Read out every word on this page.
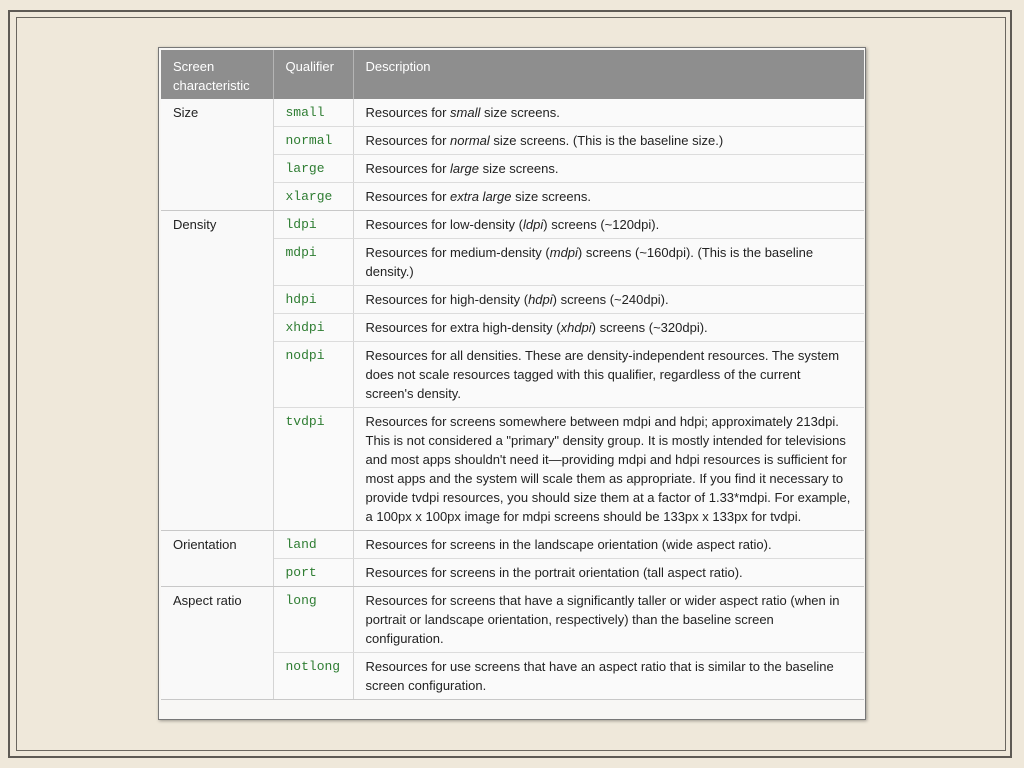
Screen characteristic	Qualifier	Description
Size	small	Resources for small size screens.
	normal	Resources for normal size screens. (This is the baseline size.)
	large	Resources for large size screens.
	xlarge	Resources for extra large size screens.
Density	ldpi	Resources for low-density (ldpi) screens (~120dpi).
	mdpi	Resources for medium-density (mdpi) screens (~160dpi). (This is the baseline density.)
	hdpi	Resources for high-density (hdpi) screens (~240dpi).
	xhdpi	Resources for extra high-density (xhdpi) screens (~320dpi).
	nodpi	Resources for all densities. These are density-independent resources. The system does not scale resources tagged with this qualifier, regardless of the current screen's density.
	tvdpi	Resources for screens somewhere between mdpi and hdpi; approximately 213dpi. This is not considered a "primary" density group. It is mostly intended for televisions and most apps shouldn't need it—providing mdpi and hdpi resources is sufficient for most apps and the system will scale them as appropriate. If you find it necessary to provide tvdpi resources, you should size them at a factor of 1.33*mdpi. For example, a 100px x 100px image for mdpi screens should be 133px x 133px for tvdpi.
Orientation	land	Resources for screens in the landscape orientation (wide aspect ratio).
	port	Resources for screens in the portrait orientation (tall aspect ratio).
Aspect ratio	long	Resources for screens that have a significantly taller or wider aspect ratio (when in portrait or landscape orientation, respectively) than the baseline screen configuration.
	notlong	Resources for use screens that have an aspect ratio that is similar to the baseline screen configuration.
